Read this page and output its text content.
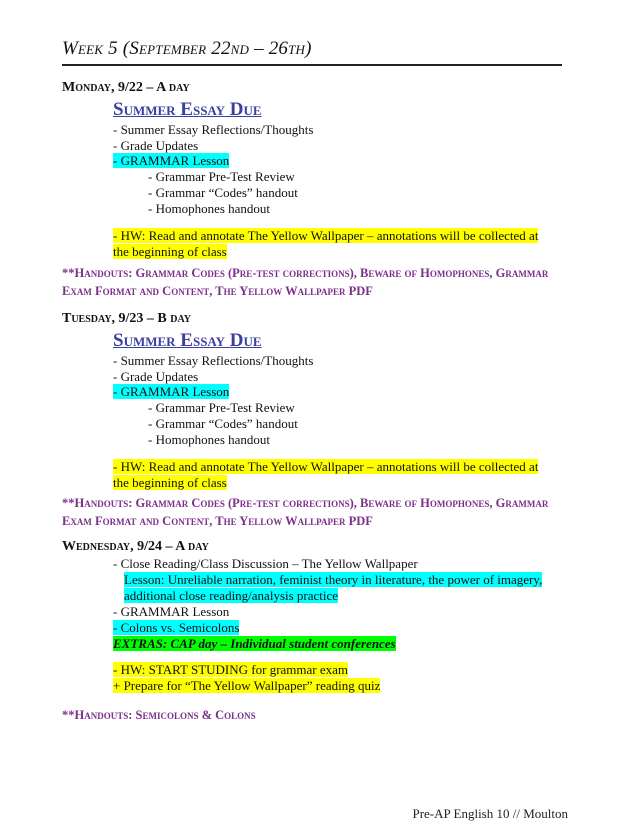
Week 5 (September 22nd – 26th)
Monday, 9/22 – A day
Summer Essay Due
- Summer Essay Reflections/Thoughts
- Grade Updates
- GRAMMAR Lesson
- Grammar Pre-Test Review
- Grammar “Codes” handout
- Homophones handout
- HW: Read and annotate The Yellow Wallpaper – annotations will be collected at
the beginning of class
**Handouts: Grammar Codes (Pre-test corrections), Beware of Homophones, Grammar Exam Format and Content, The Yellow Wallpaper PDF
Tuesday, 9/23 – B day
Summer Essay Due
- Summer Essay Reflections/Thoughts
- Grade Updates
- GRAMMAR Lesson
- Grammar Pre-Test Review
- Grammar “Codes” handout
- Homophones handout
- HW: Read and annotate The Yellow Wallpaper – annotations will be collected at
the beginning of class
**Handouts: Grammar Codes (Pre-test corrections), Beware of Homophones, Grammar Exam Format and Content, The Yellow Wallpaper PDF
Wednesday, 9/24 – A day
- Close Reading/Class Discussion – The Yellow Wallpaper
Lesson: Unreliable narration, feminist theory in literature, the power of imagery,
additional close reading/analysis practice
- GRAMMAR Lesson
- Colons vs. Semicolons
EXTRAS: CAP day – Individual student conferences
- HW: START STUDING for grammar exam
+ Prepare for “The Yellow Wallpaper” reading quiz
**Handouts: Semicolons & Colons
Pre-AP English 10 // Moulton
